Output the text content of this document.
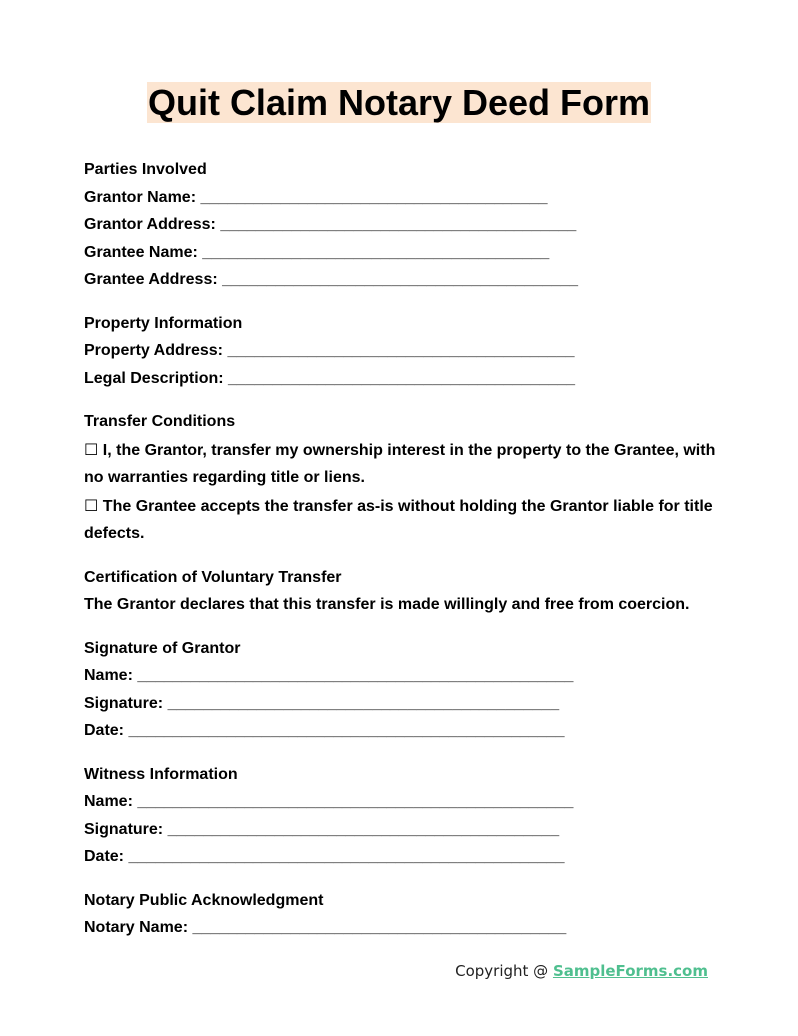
Quit Claim Notary Deed Form
Parties Involved
Grantor Name: _______________________________________
Grantor Address: ________________________________________
Grantee Name: _______________________________________
Grantee Address: ________________________________________
Property Information
Property Address: _______________________________________
Legal Description: _______________________________________
Transfer Conditions
☐ I, the Grantor, transfer my ownership interest in the property to the Grantee, with no warranties regarding title or liens.
☐ The Grantee accepts the transfer as-is without holding the Grantor liable for title defects.
Certification of Voluntary Transfer
The Grantor declares that this transfer is made willingly and free from coercion.
Signature of Grantor
Name: _________________________________________________
Signature: ____________________________________________
Date: _________________________________________________
Witness Information
Name: _________________________________________________
Signature: ____________________________________________
Date: _________________________________________________
Notary Public Acknowledgment
Notary Name: __________________________________________
Copyright @ SampleForms.com
